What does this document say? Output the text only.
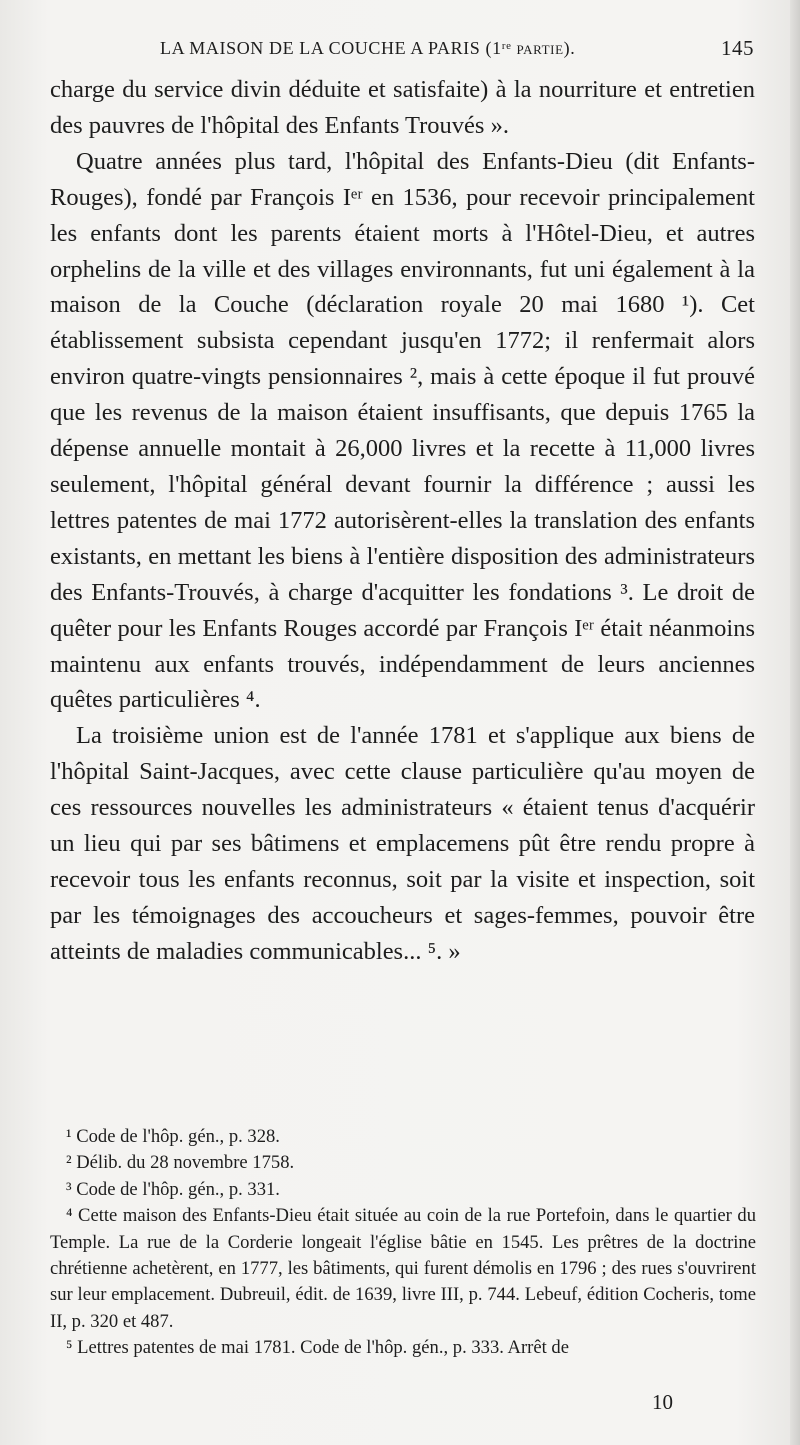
LA MAISON DE LA COUCHE A PARIS (1ʳᵉ partie).	145

charge du service divin déduite et satisfaite) à la nourriture et entretien des pauvres de l'hôpital des Enfants Trouvés ».

Quatre années plus tard, l'hôpital des Enfants-Dieu (dit Enfants-Rouges), fondé par François Iᵉʳ en 1536, pour recevoir principalement les enfants dont les parents étaient morts à l'Hôtel-Dieu, et autres orphelins de la ville et des villages environnants, fut uni également à la maison de la Couche (déclaration royale 20 mai 1680 ¹). Cet établissement subsista cependant jusqu'en 1772; il renfermait alors environ quatre-vingts pensionnaires ², mais à cette époque il fut prouvé que les revenus de la maison étaient insuffisants, que depuis 1765 la dépense annuelle montait à 26,000 livres et la recette à 11,000 livres seulement, l'hôpital général devant fournir la différence ; aussi les lettres patentes de mai 1772 autorisèrent-elles la translation des enfants existants, en mettant les biens à l'entière disposition des administrateurs des Enfants-Trouvés, à charge d'acquitter les fondations ³. Le droit de quêter pour les Enfants Rouges accordé par François Iᵉʳ était néanmoins maintenu aux enfants trouvés, indépendamment de leurs anciennes quêtes particulières ⁴.

La troisième union est de l'année 1781 et s'applique aux biens de l'hôpital Saint-Jacques, avec cette clause particulière qu'au moyen de ces ressources nouvelles les administrateurs « étaient tenus d'acquérir un lieu qui par ses bâtimens et emplacemens pût être rendu propre à recevoir tous les enfants reconnus, soit par la visite et inspection, soit par les témoignages des accoucheurs et sages-femmes, pouvoir être atteints de maladies communicables... ⁵. »

¹ Code de l'hôp. gén., p. 328.

² Délib. du 28 novembre 1758.

³ Code de l'hôp. gén., p. 331.

⁴ Cette maison des Enfants-Dieu était située au coin de la rue Portefoin, dans le quartier du Temple. La rue de la Corderie longeait l'église bâtie en 1545. Les prêtres de la doctrine chrétienne achetèrent, en 1777, les bâtiments, qui furent démolis en 1796 ; des rues s'ouvrirent sur leur emplacement. Dubreuil, édit. de 1639, livre III, p. 744. Lebeuf, édition Cocheris, tome II, p. 320 et 487.

⁵ Lettres patentes de mai 1781. Code de l'hôp. gén., p. 333. Arrêt de

10
